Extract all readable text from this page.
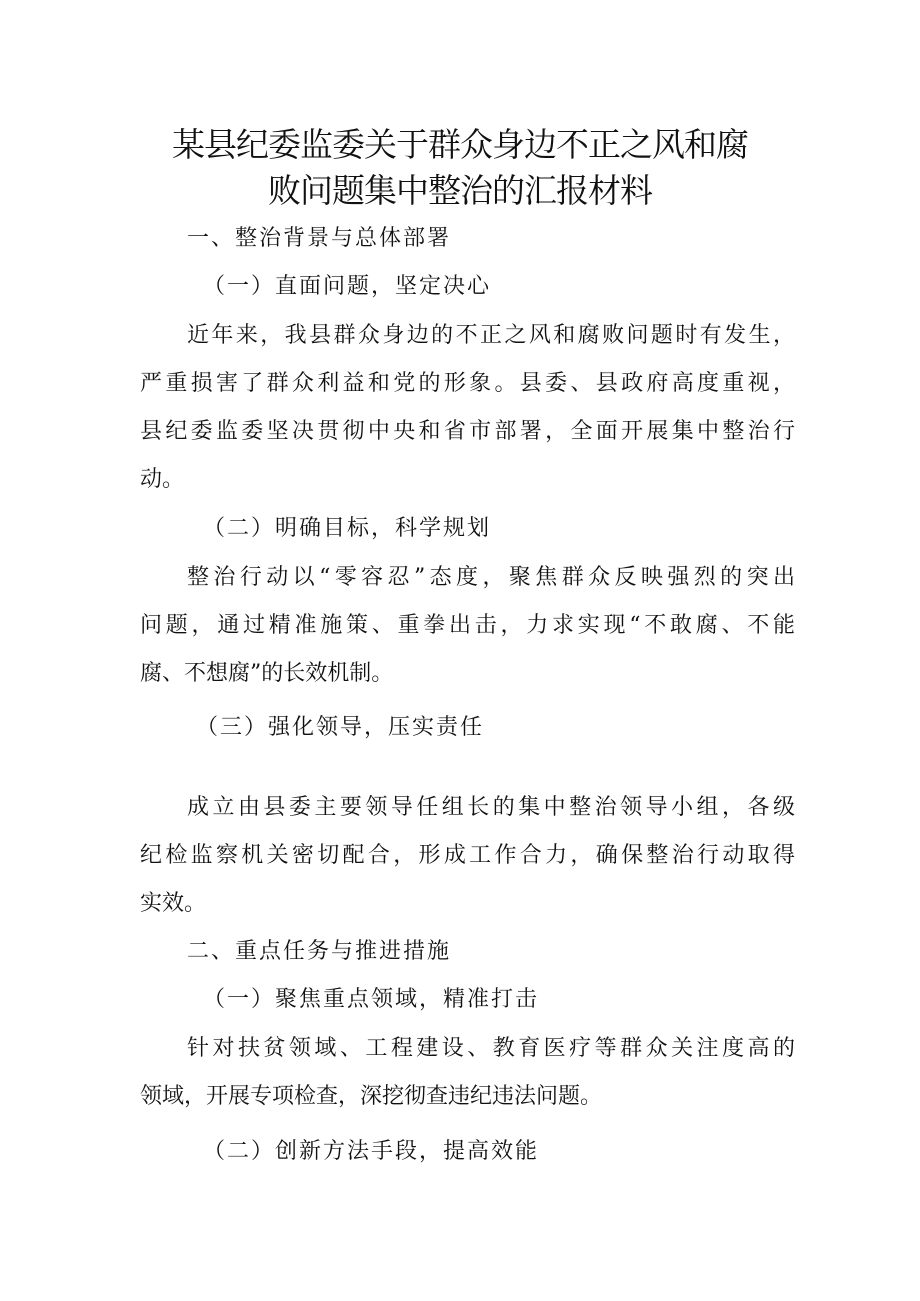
某县纪委监委关于群众身边不正之风和腐
败问题集中整治的汇报材料

一、整治背景与总体部署

（一）直面问题，坚定决心

近年来，我县群众身边的不正之风和腐败问题时有发生，

严重损害了群众利益和党的形象。县委、县政府高度重视，

县纪委监委坚决贯彻中央和省市部署，全面开展集中整治行

动。

（二）明确目标，科学规划

整治行动以“零容忍”态度，聚焦群众反映强烈的突出

问题，通过精准施策、重拳出击，力求实现“不敢腐、不能

腐、不想腐”的长效机制。

（三）强化领导，压实责任

成立由县委主要领导任组长的集中整治领导小组，各级

纪检监察机关密切配合，形成工作合力，确保整治行动取得

实效。

二、重点任务与推进措施

（一）聚焦重点领域，精准打击

针对扶贫领域、工程建设、教育医疗等群众关注度高的

领域，开展专项检查，深挖彻查违纪违法问题。

（二）创新方法手段，提高效能
